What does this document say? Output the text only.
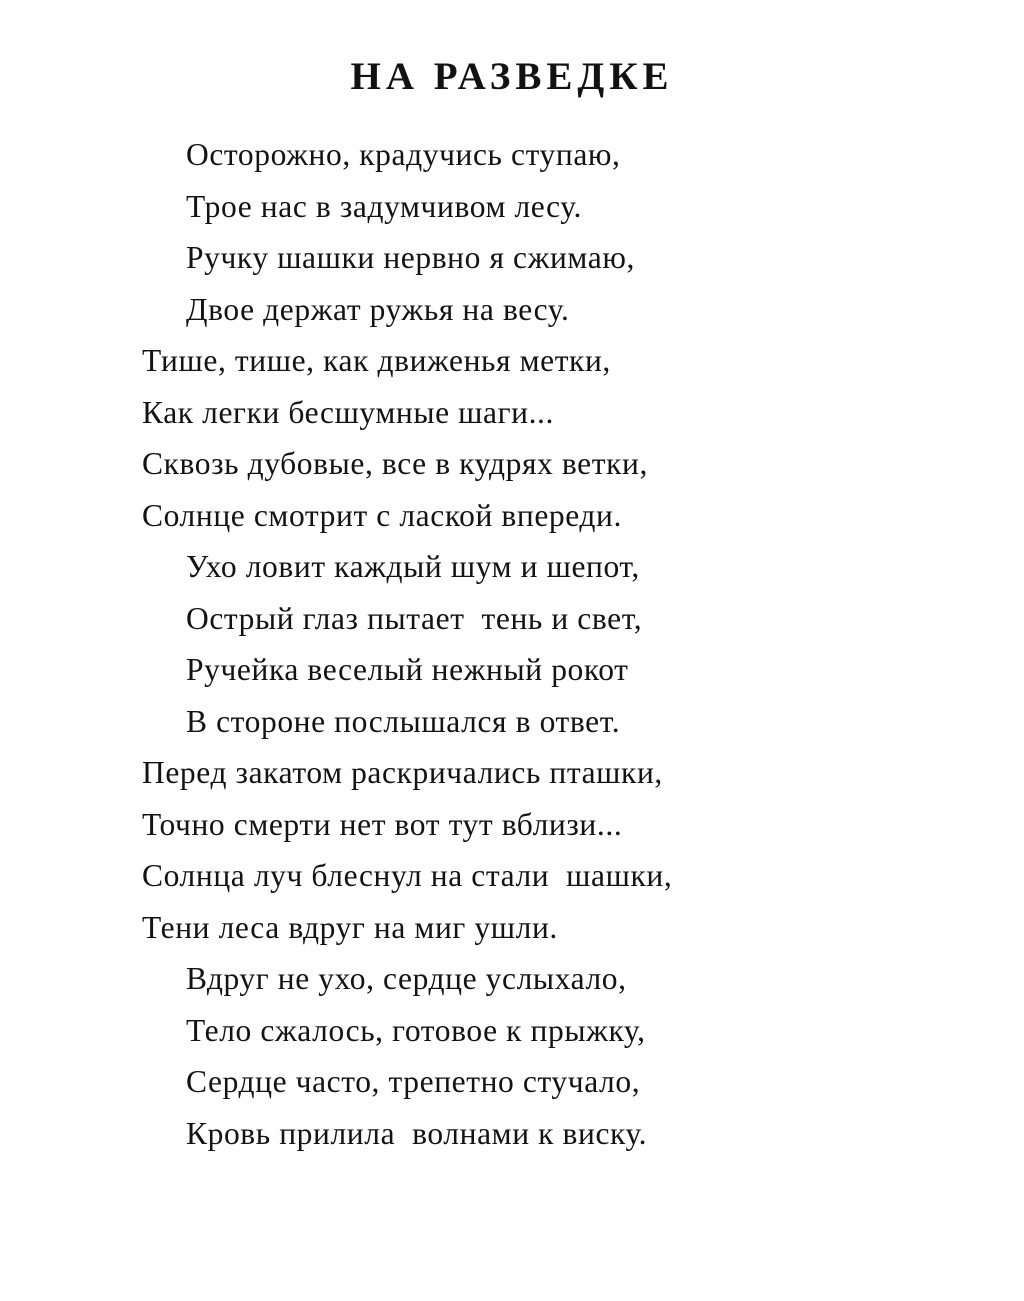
НА РАЗВЕДКЕ
Осторожно, крадучись ступаю,
Трое нас в задумчивом лесу.
Ручку шашки нервно я сжимаю,
Двое держат ружья на весу.
Тише, тише, как движенья метки,
Как легки бесшумные шаги...
Сквозь дубовые, все в кудрях ветки,
Солнце смотрит с лаской впереди.
Ухо ловит каждый шум и шепот,
Острый глаз пытает  тень и свет,
Ручейка веселый нежный рокот
В стороне послышался в ответ.
Перед закатом раскричались пташки,
Точно смерти нет вот тут вблизи...
Солнца луч блеснул на стали  шашки,
Тени леса вдруг на миг ушли.
Вдруг не ухо, сердце услыхало,
Тело сжалось, готовое к прыжку,
Сердце часто, трепетно стучало,
Кровь прилила  волнами к виску.
